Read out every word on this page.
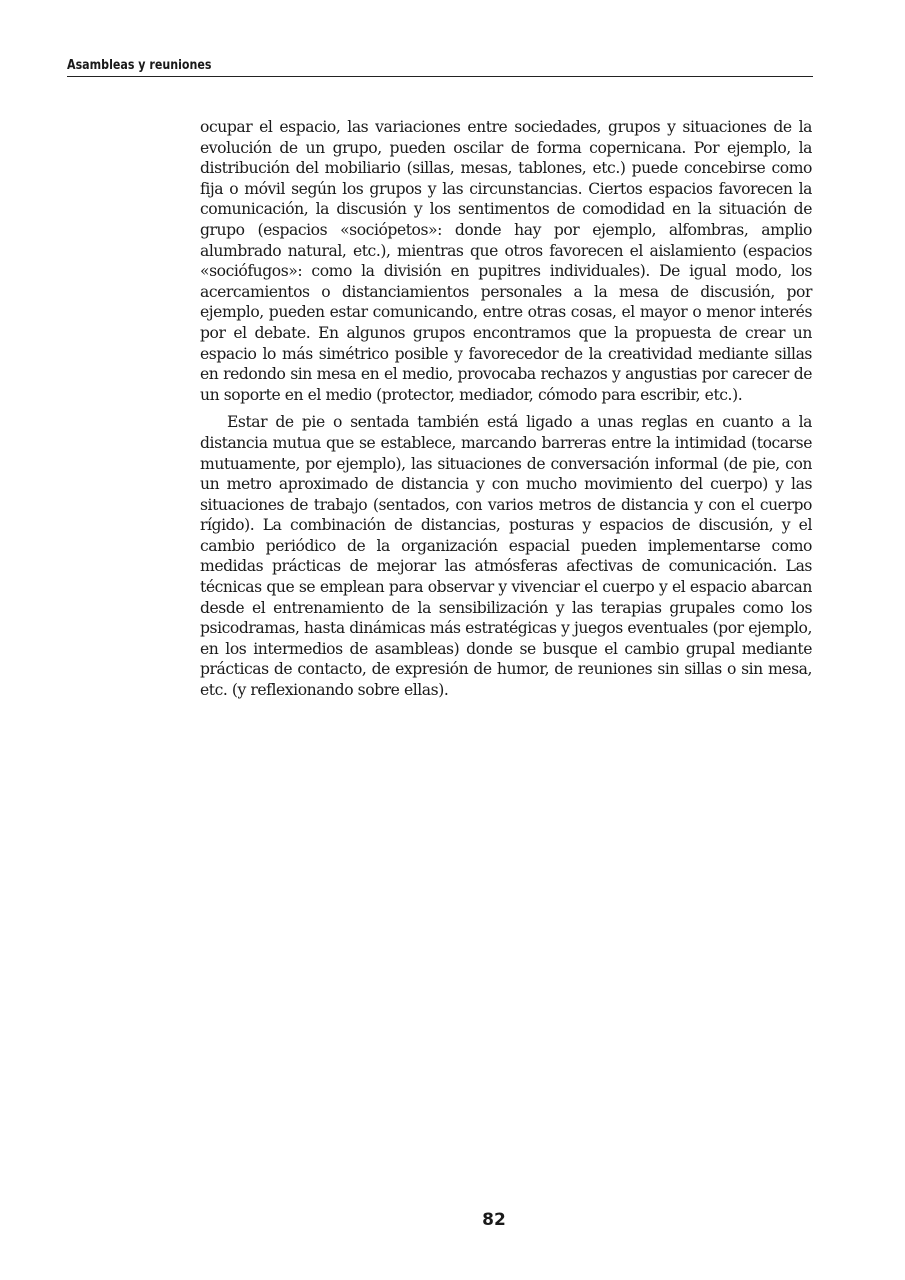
Asambleas y reuniones

ocupar el espacio, las variaciones entre sociedades, grupos y situaciones de la evolución de un grupo, pueden oscilar de forma copernicana. Por ejemplo, la distribución del mobiliario (sillas, mesas, tablones, etc.) puede concebirse como fija o móvil según los grupos y las circunstancias. Ciertos espacios favorecen la comunicación, la discusión y los sentimentos de comodidad en la situación de grupo (espacios «sociópetos»: donde hay por ejemplo, alfombras, amplio alumbrado natural, etc.), mientras que otros favorecen el aislamiento (espacios «sociófugos»: como la división en pupitres individuales). De igual modo, los acercamientos o distanciamientos personales a la mesa de discusión, por ejemplo, pueden estar comunicando, entre otras cosas, el mayor o menor interés por el debate. En algunos grupos encontramos que la propuesta de crear un espacio lo más simétrico posible y favorecedor de la creatividad mediante sillas en redondo sin mesa en el medio, provocaba rechazos y angustias por carecer de un soporte en el medio (protector, mediador, cómodo para escribir, etc.).

Estar de pie o sentada también está ligado a unas reglas en cuanto a la distancia mutua que se establece, marcando barreras entre la intimidad (tocarse mutuamente, por ejemplo), las situaciones de conversación informal (de pie, con un metro aproximado de distancia y con mucho movimiento del cuerpo) y las situaciones de trabajo (sentados, con varios metros de distancia y con el cuerpo rígido). La combinación de distancias, posturas y espacios de discusión, y el cambio periódico de la organización espacial pueden implementarse como medidas prácticas de mejorar las atmósferas afectivas de comunicación. Las técnicas que se emplean para observar y vivenciar el cuerpo y el espacio abarcan desde el entrenamiento de la sensibilización y las terapias grupales como los psicodramas, hasta dinámicas más estratégicas y juegos eventuales (por ejemplo, en los intermedios de asambleas) donde se busque el cambio grupal mediante prácticas de contacto, de expresión de humor, de reuniones sin sillas o sin mesa, etc. (y reflexionando sobre ellas).

82
